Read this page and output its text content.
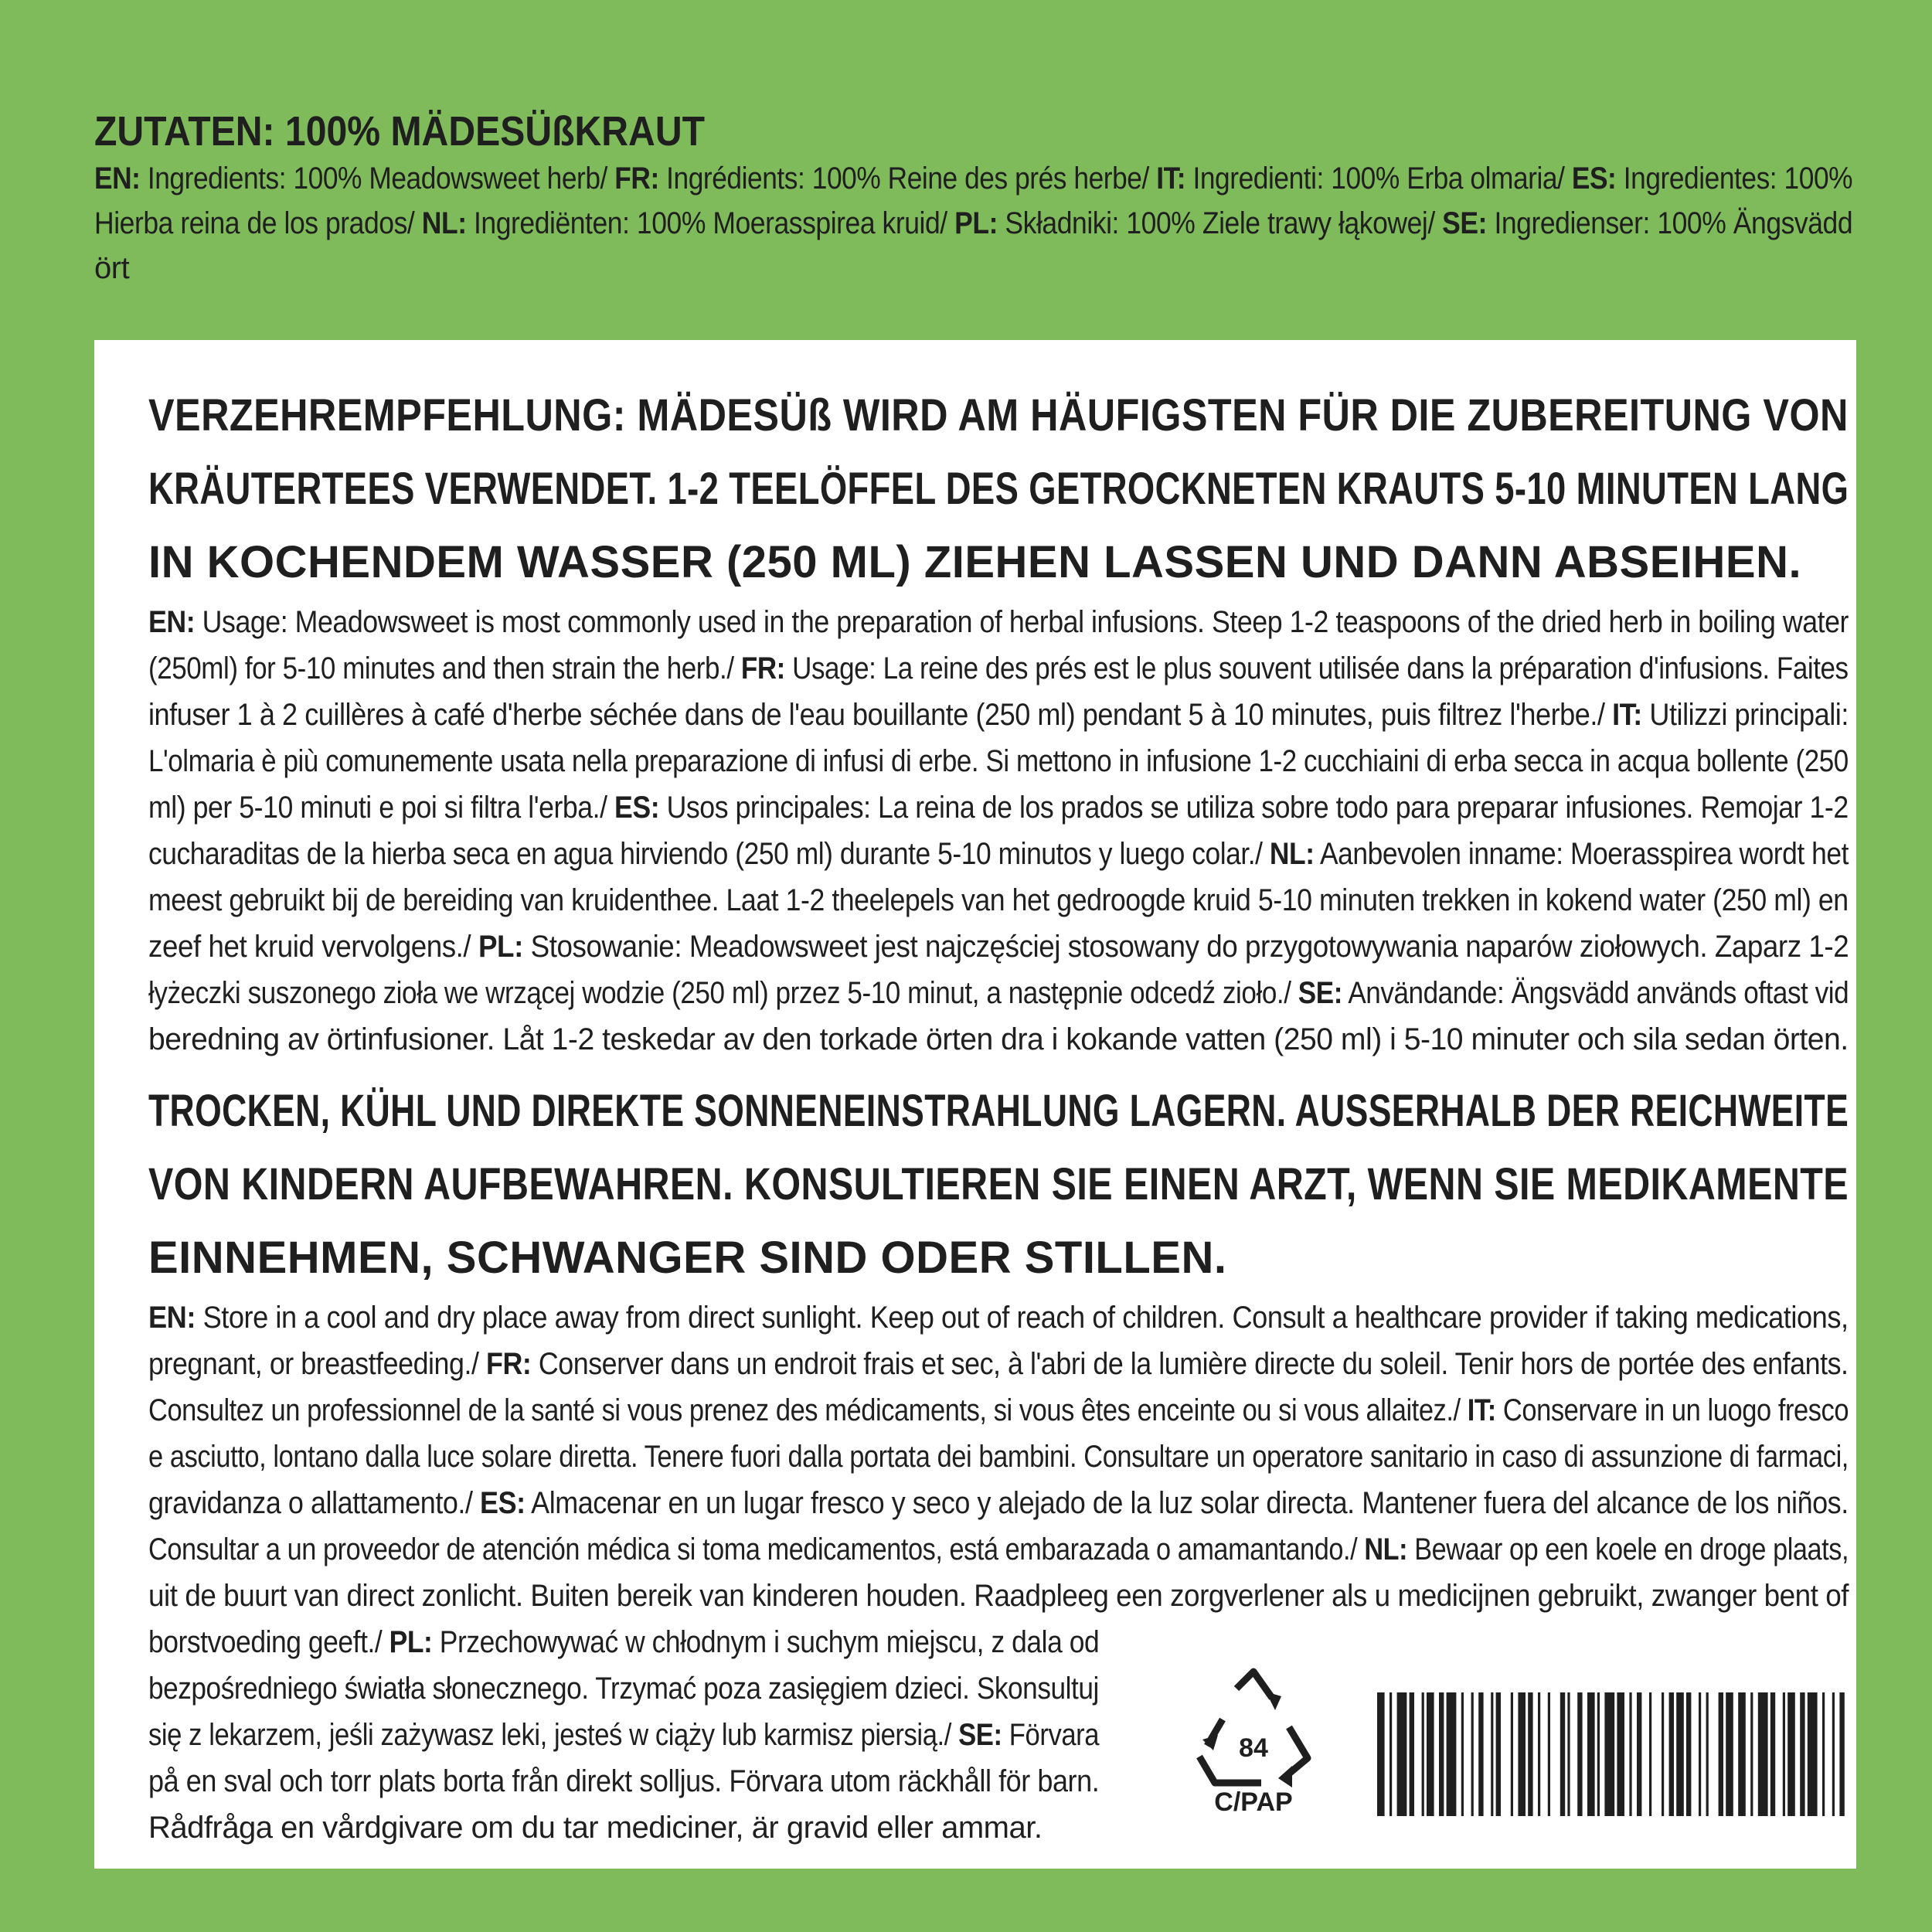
ZUTATEN: 100% MÄDESÜßKRAUT
EN: Ingredients: 100% Meadowsweet herb/ FR: Ingrédients: 100% Reine des prés herbe/ IT: Ingredienti: 100% Erba olmaria/ ES: Ingredientes: 100%
Hierba reina de los prados/ NL: Ingrediënten: 100% Moerasspirea kruid/ PL: Składniki: 100% Ziele trawy łąkowej/ SE: Ingredienser: 100% Ängsvädd
ört
VERZEHREMPFEHLUNG: MÄDESÜß WIRD AM HÄUFIGSTEN FÜR DIE ZUBEREITUNG VON
KRÄUTERTEES VERWENDET. 1-2 TEELÖFFEL DES GETROCKNETEN KRAUTS 5-10 MINUTEN LANG
IN KOCHENDEM WASSER (250 ML) ZIEHEN LASSEN UND DANN ABSEIHEN.
EN: Usage: Meadowsweet is most commonly used in the preparation of herbal infusions. Steep 1-2 teaspoons of the dried herb in boiling water
(250ml) for 5-10 minutes and then strain the herb./ FR: Usage: La reine des prés est le plus souvent utilisée dans la préparation d'infusions. Faites
infuser 1 à 2 cuillères à café d'herbe séchée dans de l'eau bouillante (250 ml) pendant 5 à 10 minutes, puis filtrez l'herbe./ IT: Utilizzi principali:
L'olmaria è più comunemente usata nella preparazione di infusi di erbe. Si mettono in infusione 1-2 cucchiaini di erba secca in acqua bollente (250
ml) per 5-10 minuti e poi si filtra l'erba./ ES: Usos principales: La reina de los prados se utiliza sobre todo para preparar infusiones. Remojar 1-2
cucharaditas de la hierba seca en agua hirviendo (250 ml) durante 5-10 minutos y luego colar./ NL: Aanbevolen inname: Moerasspirea wordt het
meest gebruikt bij de bereiding van kruidenthee. Laat 1-2 theelepels van het gedroogde kruid 5-10 minuten trekken in kokend water (250 ml) en
zeef het kruid vervolgens./ PL: Stosowanie: Meadowsweet jest najczęściej stosowany do przygotowywania naparów ziołowych. Zaparz 1-2
łyżeczki suszonego zioła we wrzącej wodzie (250 ml) przez 5-10 minut, a następnie odcedź zioło./ SE: Användande: Ängsvädd används oftast vid
beredning av örtinfusioner. Låt 1-2 teskedar av den torkade örten dra i kokande vatten (250 ml) i 5-10 minuter och sila sedan örten.
TROCKEN, KÜHL UND DIREKTE SONNENEINSTRAHLUNG LAGERN. AUSSERHALB DER REICHWEITE
VON KINDERN AUFBEWAHREN. KONSULTIEREN SIE EINEN ARZT, WENN SIE MEDIKAMENTE
EINNEHMEN, SCHWANGER SIND ODER STILLEN.
EN: Store in a cool and dry place away from direct sunlight. Keep out of reach of children. Consult a healthcare provider if taking medications,
pregnant, or breastfeeding./ FR: Conserver dans un endroit frais et sec, à l'abri de la lumière directe du soleil. Tenir hors de portée des enfants.
Consultez un professionnel de la santé si vous prenez des médicaments, si vous êtes enceinte ou si vous allaitez./ IT: Conservare in un luogo fresco
e asciutto, lontano dalla luce solare diretta. Tenere fuori dalla portata dei bambini. Consultare un operatore sanitario in caso di assunzione di farmaci,
gravidanza o allattamento./ ES: Almacenar en un lugar fresco y seco y alejado de la luz solar directa. Mantener fuera del alcance de los niños.
Consultar a un proveedor de atención médica si toma medicamentos, está embarazada o amamantando./ NL: Bewaar op een koele en droge plaats,
uit de buurt van direct zonlicht. Buiten bereik van kinderen houden. Raadpleeg een zorgverlener als u medicijnen gebruikt, zwanger bent of
borstvoeding geeft./ PL: Przechowywać w chłodnym i suchym miejscu, z dala od
bezpośredniego światła słonecznego. Trzymać poza zasięgiem dzieci. Skonsultuj
się z lekarzem, jeśli zażywasz leki, jesteś w ciąży lub karmisz piersią./ SE: Förvara
på en sval och torr plats borta från direkt solljus. Förvara utom räckhåll för barn.
Rådfråga en vårdgivare om du tar mediciner, är gravid eller ammar.
84
C/PAP
